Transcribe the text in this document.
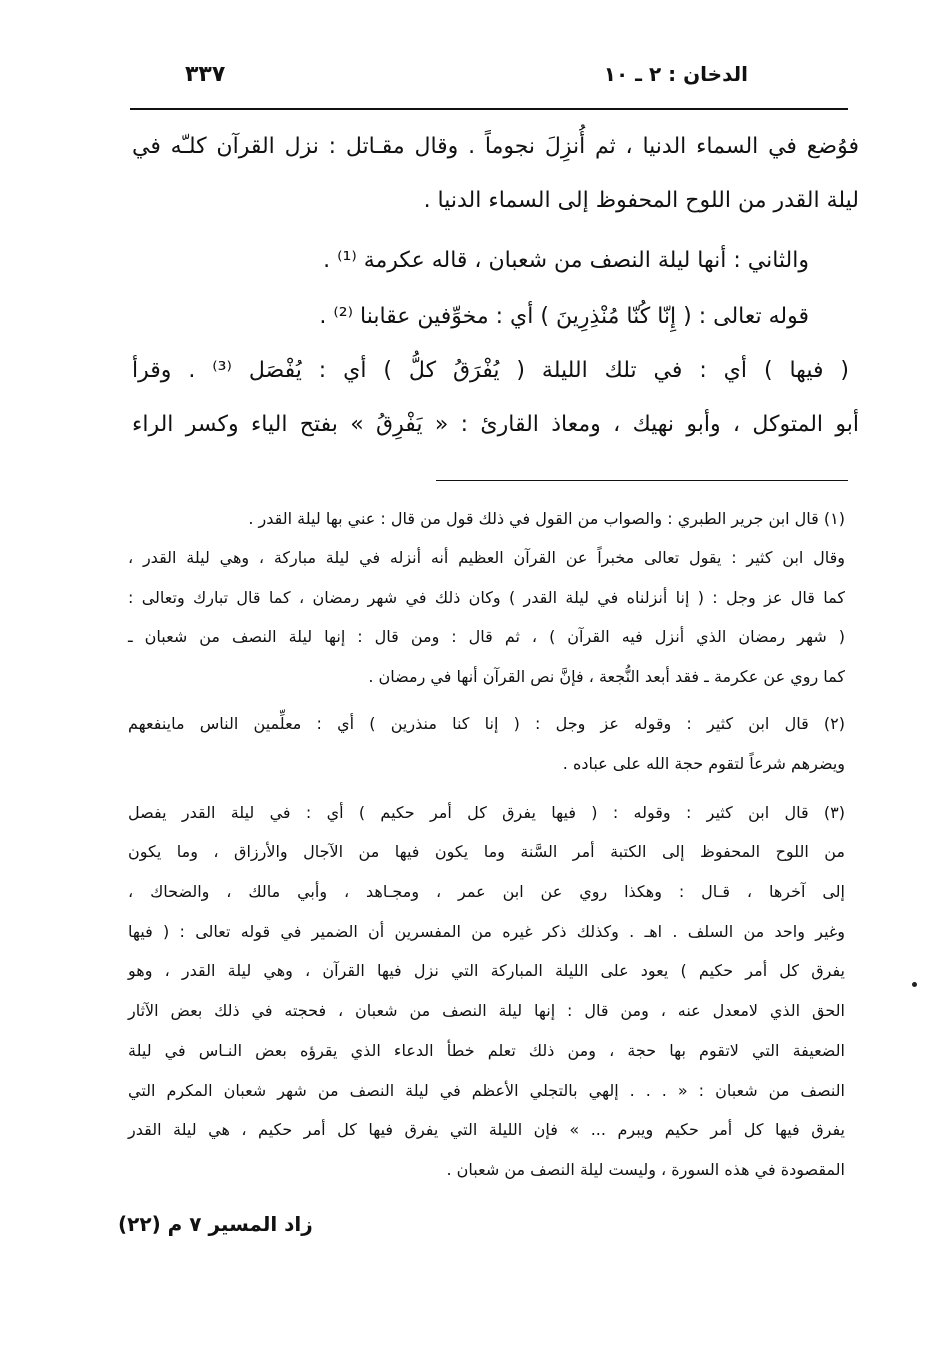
الدخان : ٢ ـ ١٠
٣٣٧
فوُضع في السماء الدنيا ، ثم أُنزِلَ نجوماً . وقال مقـاتل : نزل القرآن كلـّه في
ليلة القدر من اللوح المحفوظ إلى السماء الدنيا .
والثاني : أنها ليلة النصف من شعبان ، قاله عكرمة ⁽¹⁾ .
قوله تعالى : ( إِنّا كُنّا مُنْذِرِينَ ) أي : مخوِّفين عقابنا ⁽²⁾ .
( فيها ) أي : في تلك الليلة ( يُفْرَقُ كلُّ ) أي : يُفْصَل ⁽³⁾ . وقرأ
أبو المتوكل ، وأبو نهيك ، ومعاذ القارئ : « يَفْرِقُ » بفتح الياء وكسر الراء
(١) قال ابن جرير الطبري : والصواب من القول في ذلك قول من قال : عني بها ليلة القدر .
وقال ابن كثير : يقول تعالى مخبراً عن القرآن العظيم أنه أنزله في ليلة مباركة ، وهي ليلة القدر ،
كما قال عز وجل : ( إنا أنزلناه في ليلة القدر ) وكان ذلك في شهر رمضان ، كما قال تبارك وتعالى :
( شهر رمضان الذي أنزل فيه القرآن ) ، ثم قال : ومن قال : إنها ليلة النصف من شعبان ـ
كما روي عن عكرمة ـ فقد أبعد النُّجعة ، فإنَّ نص القرآن أنها في رمضان .
(٢) قال ابن كثير : وقوله عز وجل : ( إنا كنا منذرين ) أي : معلِّمين الناس ماينفعهم
ويضرهم شرعاً لتقوم حجة الله على عباده .
(٣) قال ابن كثير : وقوله : ( فيها يفرق كل أمر حكيم ) أي : في ليلة القدر يفصل
من اللوح المحفوظ إلى الكتبة أمر السَّنة وما يكون فيها من الآجال والأرزاق ، وما يكون
إلى آخرها ، قـال : وهكذا روي عن ابن عمر ، ومجـاهد ، وأبي مالك ، والضحاك ،
وغير واحد من السلف . اهـ . وكذلك ذكر غيره من المفسرين أن الضمير في قوله تعالى : ( فيها
يفرق كل أمر حكيم ) يعود على الليلة المباركة التي نزل فيها القرآن ، وهي ليلة القدر ، وهو
الحق الذي لامعدل عنه ، ومن قال : إنها ليلة النصف من شعبان ، فحجته في ذلك بعض الآثار
الضعيفة التي لاتقوم بها حجة ، ومن ذلك تعلم خطأ الدعاء الذي يقرؤه بعض النـاس في ليلة
النصف من شعبان : « . . . إلهي بالتجلي الأعظم في ليلة النصف من شهر شعبان المكرم التي
يفرق فيها كل أمر حكيم ويبرم ... » فإن الليلة التي يفرق فيها كل أمر حكيم ، هي ليلة القدر
المقصودة في هذه السورة ، وليست ليلة النصف من شعبان .
زاد المسير ٧ م (٢٢)
